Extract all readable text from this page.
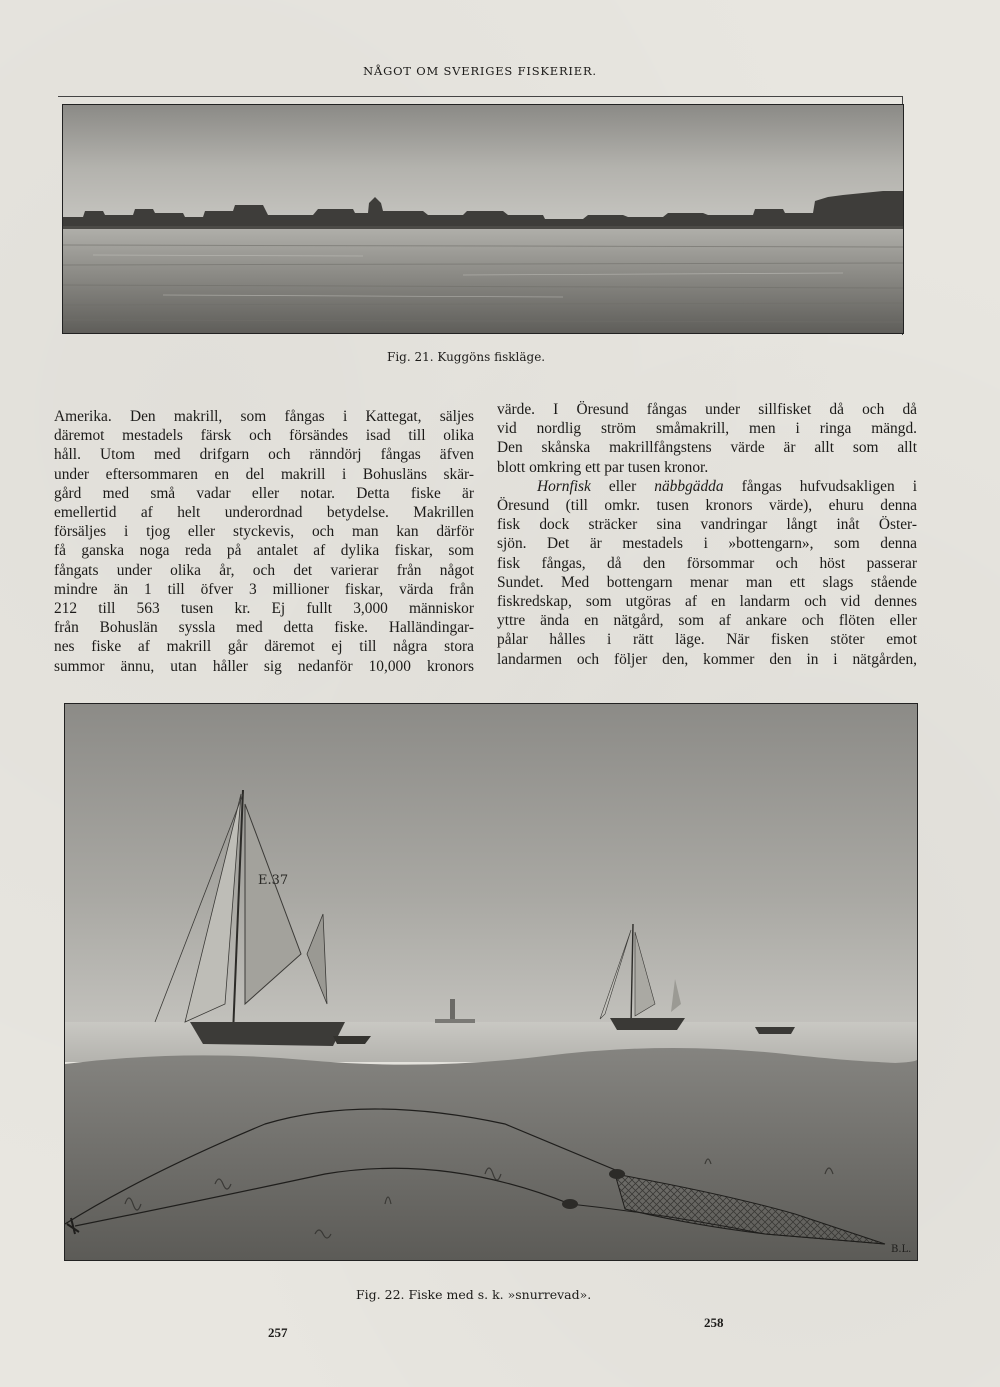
NÅGOT OM SVERIGES FISKERIER.
Fig. 21. Kuggöns fiskläge.
Amerika. Den makrill, som fångas i Kattegat, säljes
däremot mestadels färsk och försändes isad till olika
håll. Utom med drifgarn och ränndörj fångas äfven
under eftersommaren en del makrill i Bohusläns skär-
gård med små vadar eller notar. Detta fiske är
emellertid af helt underordnad betydelse. Makrillen
försäljes i tjog eller styckevis, och man kan därför
få ganska noga reda på antalet af dylika fiskar, som
fångats under olika år, och det varierar från något
mindre än 1 till öfver 3 millioner fiskar, värda från
212 till 563 tusen kr. Ej fullt 3,000 människor
från Bohuslän syssla med detta fiske. Halländingar-
nes fiske af makrill går däremot ej till några stora
summor ännu, utan håller sig nedanför 10,000 kronors
värde. I Öresund fångas under sillfisket då och då
vid nordlig ström småmakrill, men i ringa mängd.
Den skånska makrillfångstens värde är allt som allt
blott omkring ett par tusen kronor.
Hornfisk eller näbbgädda fångas hufvudsakligen i
Öresund (till omkr. tusen kronors värde), ehuru denna
fisk dock sträcker sina vandringar långt inåt Öster-
sjön. Det är mestadels i »bottengarn», som denna
fisk fångas, då den försommar och höst passerar
Sundet. Med bottengarn menar man ett slags stående
fiskredskap, som utgöras af en landarm och vid dennes
yttre ända en nätgård, som af ankare och flöten eller
pålar hålles i rätt läge. När fisken stöter emot
landarmen och följer den, kommer den in i nätgården,
E.37
B.L.
Fig. 22. Fiske med s. k. »snurrevad».
257
258
